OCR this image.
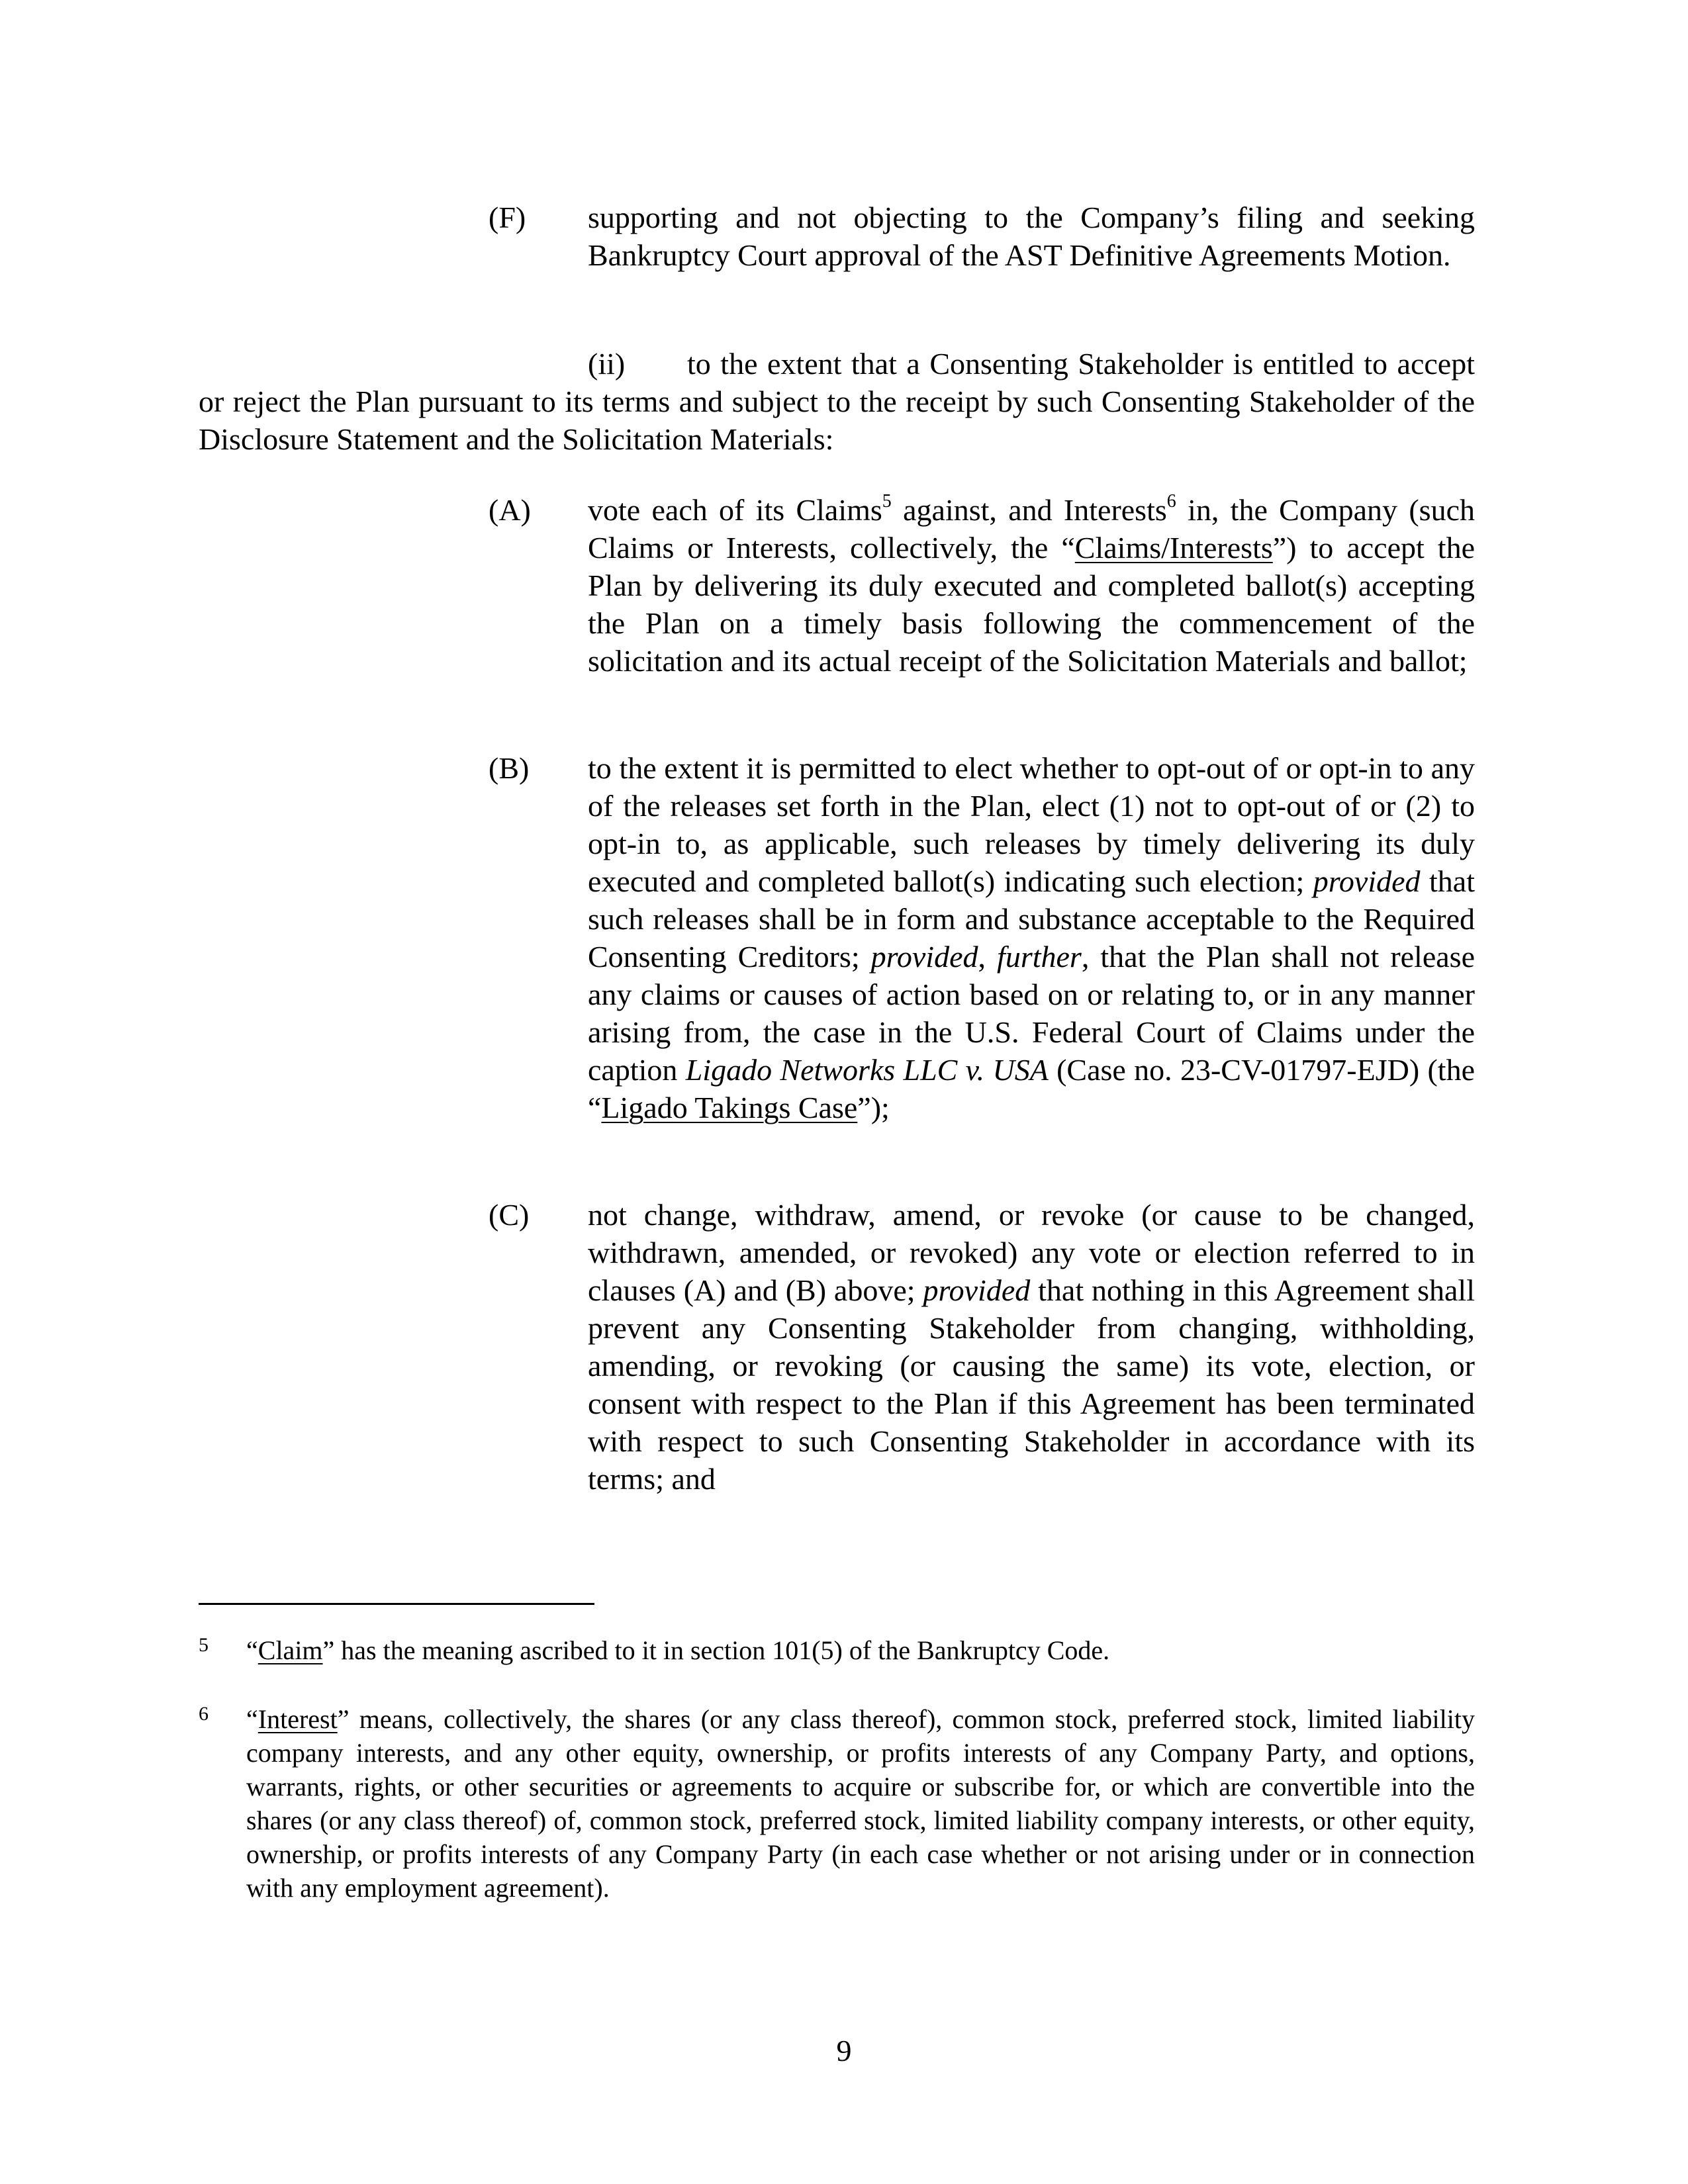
(F) supporting and not objecting to the Company’s filing and seeking Bankruptcy Court approval of the AST Definitive Agreements Motion.
(ii) to the extent that a Consenting Stakeholder is entitled to accept or reject the Plan pursuant to its terms and subject to the receipt by such Consenting Stakeholder of the Disclosure Statement and the Solicitation Materials:
(A) vote each of its Claims$^5$ against, and Interests$^6$ in, the Company (such Claims or Interests, collectively, the “Claims/Interests”) to accept the Plan by delivering its duly executed and completed ballot(s) accepting the Plan on a timely basis following the commencement of the solicitation and its actual receipt of the Solicitation Materials and ballot;
(B) to the extent it is permitted to elect whether to opt-out of or opt-in to any of the releases set forth in the Plan, elect (1) not to opt-out of or (2) to opt-in to, as applicable, such releases by timely delivering its duly executed and completed ballot(s) indicating such election; provided that such releases shall be in form and substance acceptable to the Required Consenting Creditors; provided, further, that the Plan shall not release any claims or causes of action based on or relating to, or in any manner arising from, the case in the U.S. Federal Court of Claims under the caption Ligado Networks LLC v. USA (Case no. 23-CV-01797-EJD) (the “Ligado Takings Case”);
(C) not change, withdraw, amend, or revoke (or cause to be changed, withdrawn, amended, or revoked) any vote or election referred to in clauses (A) and (B) above; provided that nothing in this Agreement shall prevent any Consenting Stakeholder from changing, withholding, amending, or revoking (or causing the same) its vote, election, or consent with respect to the Plan if this Agreement has been terminated with respect to such Consenting Stakeholder in accordance with its terms; and
5 “Claim” has the meaning ascribed to it in section 101(5) of the Bankruptcy Code.
6 “Interest” means, collectively, the shares (or any class thereof), common stock, preferred stock, limited liability company interests, and any other equity, ownership, or profits interests of any Company Party, and options, warrants, rights, or other securities or agreements to acquire or subscribe for, or which are convertible into the shares (or any class thereof) of, common stock, preferred stock, limited liability company interests, or other equity, ownership, or profits interests of any Company Party (in each case whether or not arising under or in connection with any employment agreement).
9
